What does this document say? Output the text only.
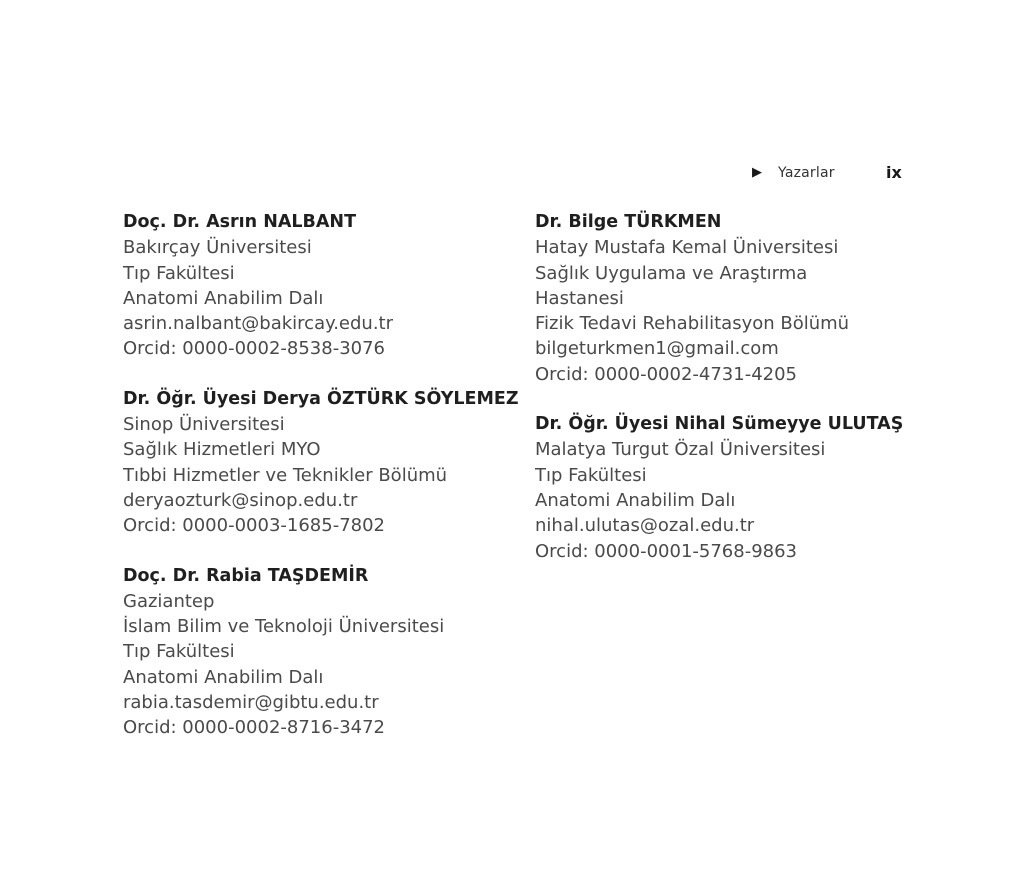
▶ Yazarlar	ix
Doç. Dr. Asrın NALBANT
Bakırçay Üniversitesi
Tıp Fakültesi
Anatomi Anabilim Dalı
asrin.nalbant@bakircay.edu.tr
Orcid: 0000-0002-8538-3076
Dr. Öğr. Üyesi Derya ÖZTÜRK SÖYLEMEZ
Sinop Üniversitesi
Sağlık Hizmetleri MYO
Tıbbi Hizmetler ve Teknikler Bölümü
deryaozturk@sinop.edu.tr
Orcid: 0000-0003-1685-7802
Doç. Dr. Rabia TAŞDEMİR
Gaziantep
İslam Bilim ve Teknoloji Üniversitesi
Tıp Fakültesi
Anatomi Anabilim Dalı
rabia.tasdemir@gibtu.edu.tr
Orcid: 0000-0002-8716-3472
Dr. Bilge TÜRKMEN
Hatay Mustafa Kemal Üniversitesi
Sağlık Uygulama ve Araştırma
Hastanesi
Fizik Tedavi Rehabilitasyon Bölümü
bilgeturkmen1@gmail.com
Orcid: 0000-0002-4731-4205
Dr. Öğr. Üyesi Nihal Sümeyye ULUTAŞ
Malatya Turgut Özal Üniversitesi
Tıp Fakültesi
Anatomi Anabilim Dalı
nihal.ulutas@ozal.edu.tr
Orcid: 0000-0001-5768-9863
